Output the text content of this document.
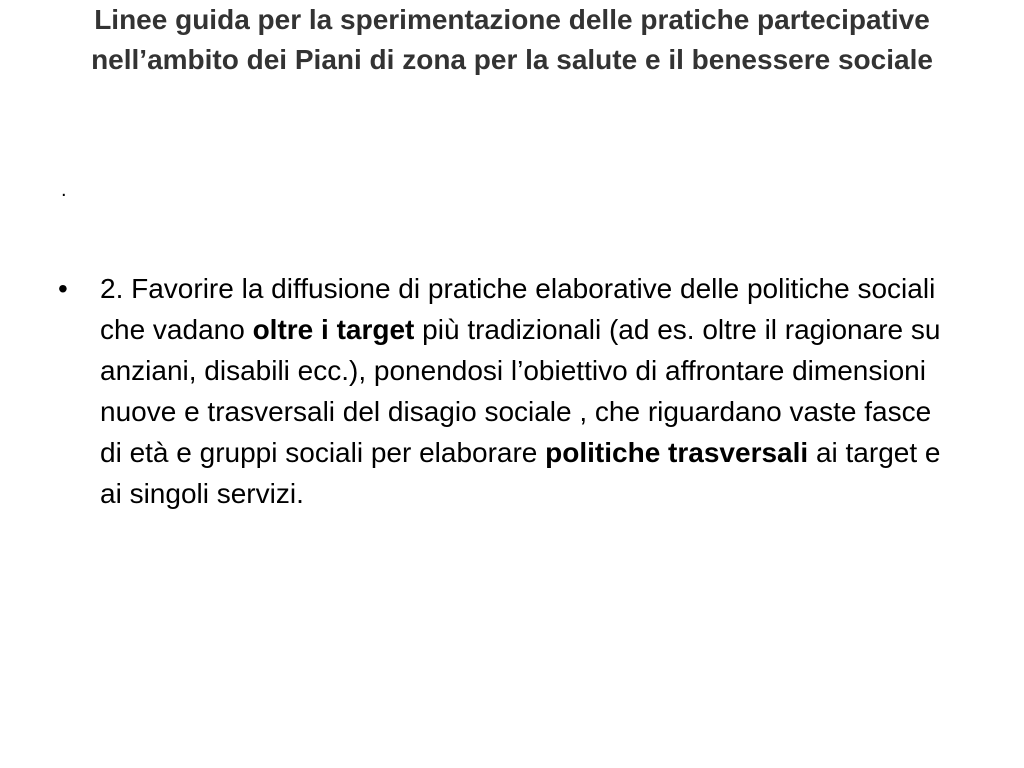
Linee guida per la sperimentazione delle pratiche partecipative nell’ambito dei Piani di zona per la salute e il benessere sociale
.
•	2. Favorire la diffusione di pratiche elaborative delle politiche sociali che vadano oltre i target più tradizionali (ad es. oltre il ragionare su anziani, disabili ecc.), ponendosi l’obiettivo di affrontare dimensioni nuove e trasversali del disagio sociale , che riguardano vaste fasce di età e gruppi sociali per elaborare politiche trasversali ai target e ai singoli servizi.
